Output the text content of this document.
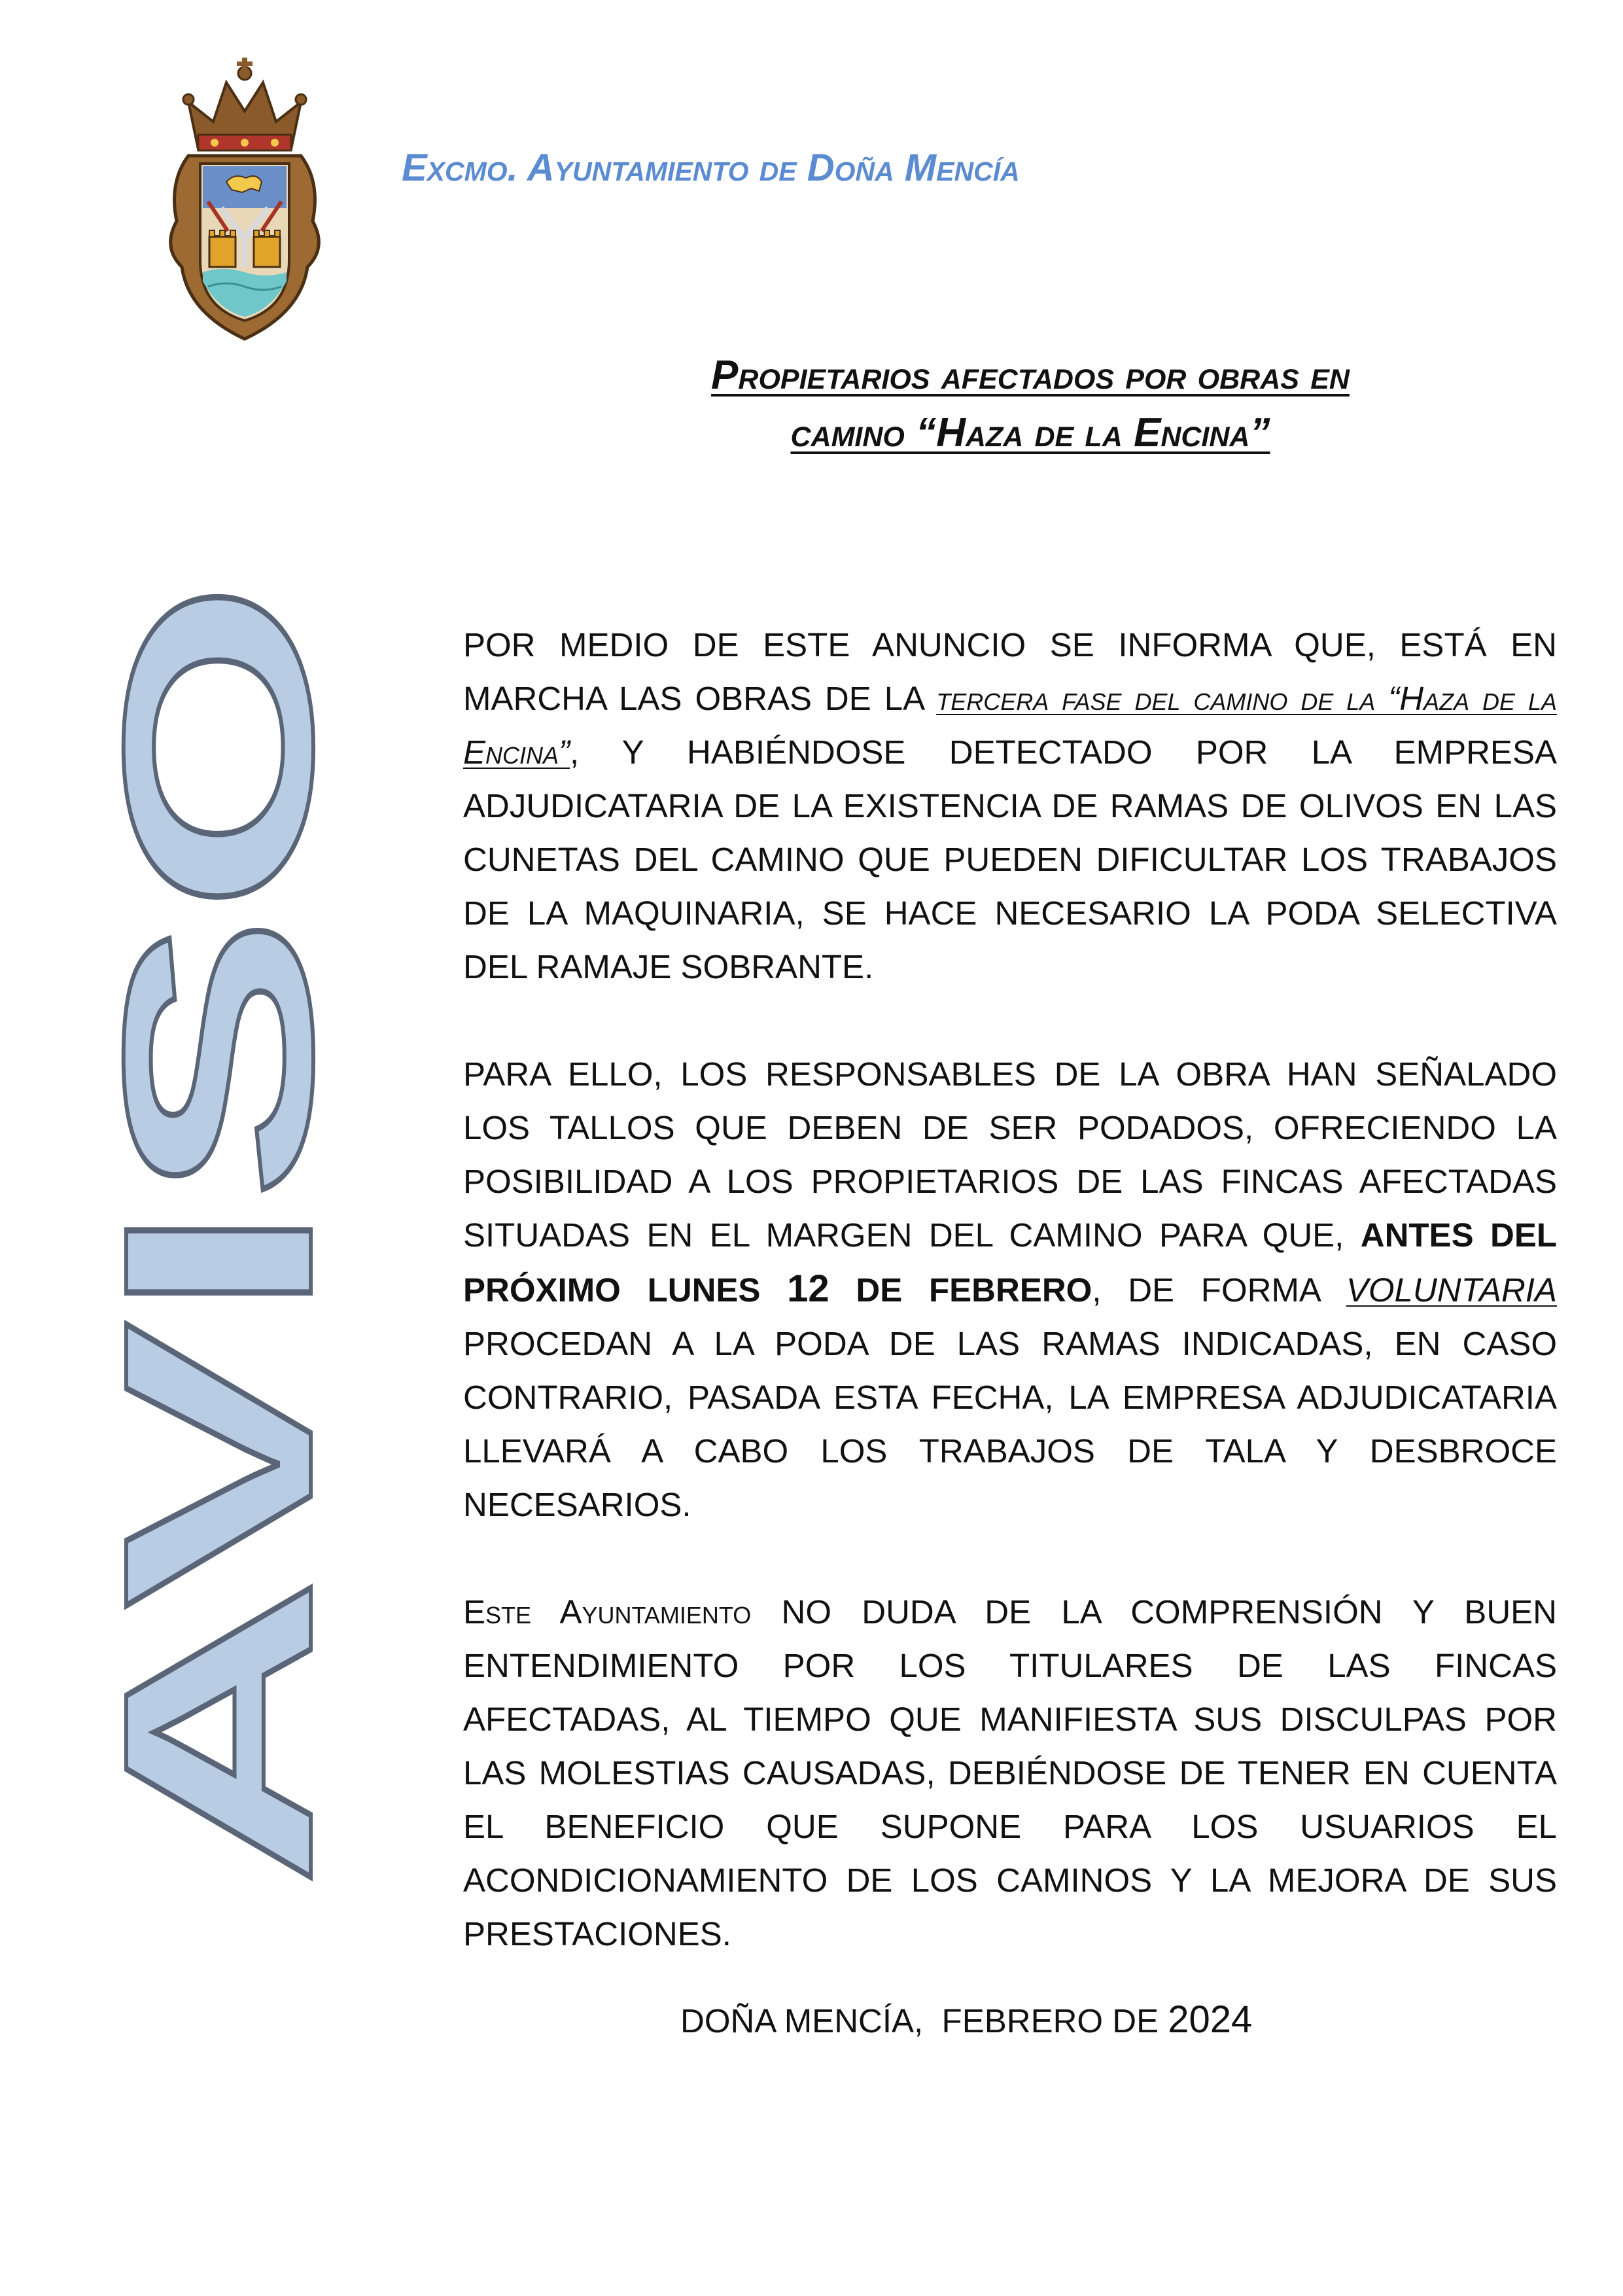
Excmo. Ayuntamiento de Doña Mencía
Propietarios afectados por obras en
camino “Haza de la Encina”
AVISO

POR MEDIO DE ESTE ANUNCIO SE INFORMA QUE, ESTÁ EN MARCHA LAS OBRAS DE LA tercera fase del camino de la “Haza de la Encina”, Y HABIÉNDOSE DETECTADO POR LA EMPRESA ADJUDICATARIA DE LA EXISTENCIA DE RAMAS DE OLIVOS EN LAS CUNETAS DEL CAMINO QUE PUEDEN DIFICULTAR LOS TRABAJOS DE LA MAQUINARIA, SE HACE NECESARIO LA PODA SELECTIVA DEL RAMAJE SOBRANTE.

PARA ELLO, LOS RESPONSABLES DE LA OBRA HAN SEÑALADO LOS TALLOS QUE DEBEN DE SER PODADOS, OFRECIENDO LA POSIBILIDAD A LOS PROPIETARIOS DE LAS FINCAS AFECTADAS SITUADAS EN EL MARGEN DEL CAMINO PARA QUE, ANTES DEL PRÓXIMO LUNES 12 DE FEBRERO, DE FORMA VOLUNTARIA PROCEDAN A LA PODA DE LAS RAMAS INDICADAS, EN CASO CONTRARIO, PASADA ESTA FECHA, LA EMPRESA ADJUDICATARIA LLEVARÁ A CABO LOS TRABAJOS DE TALA Y DESBROCE NECESARIOS.

Este Ayuntamiento NO DUDA DE LA COMPRENSIÓN Y BUEN ENTENDIMIENTO POR LOS TITULARES DE LAS FINCAS AFECTADAS, AL TIEMPO QUE MANIFIESTA SUS DISCULPAS POR LAS MOLESTIAS CAUSADAS, DEBIÉNDOSE DE TENER EN CUENTA EL BENEFICIO QUE SUPONE PARA LOS USUARIOS EL ACONDICIONAMIENTO DE LOS CAMINOS Y LA MEJORA DE SUS PRESTACIONES.

DOÑA MENCÍA,  FEBRERO DE 2024
